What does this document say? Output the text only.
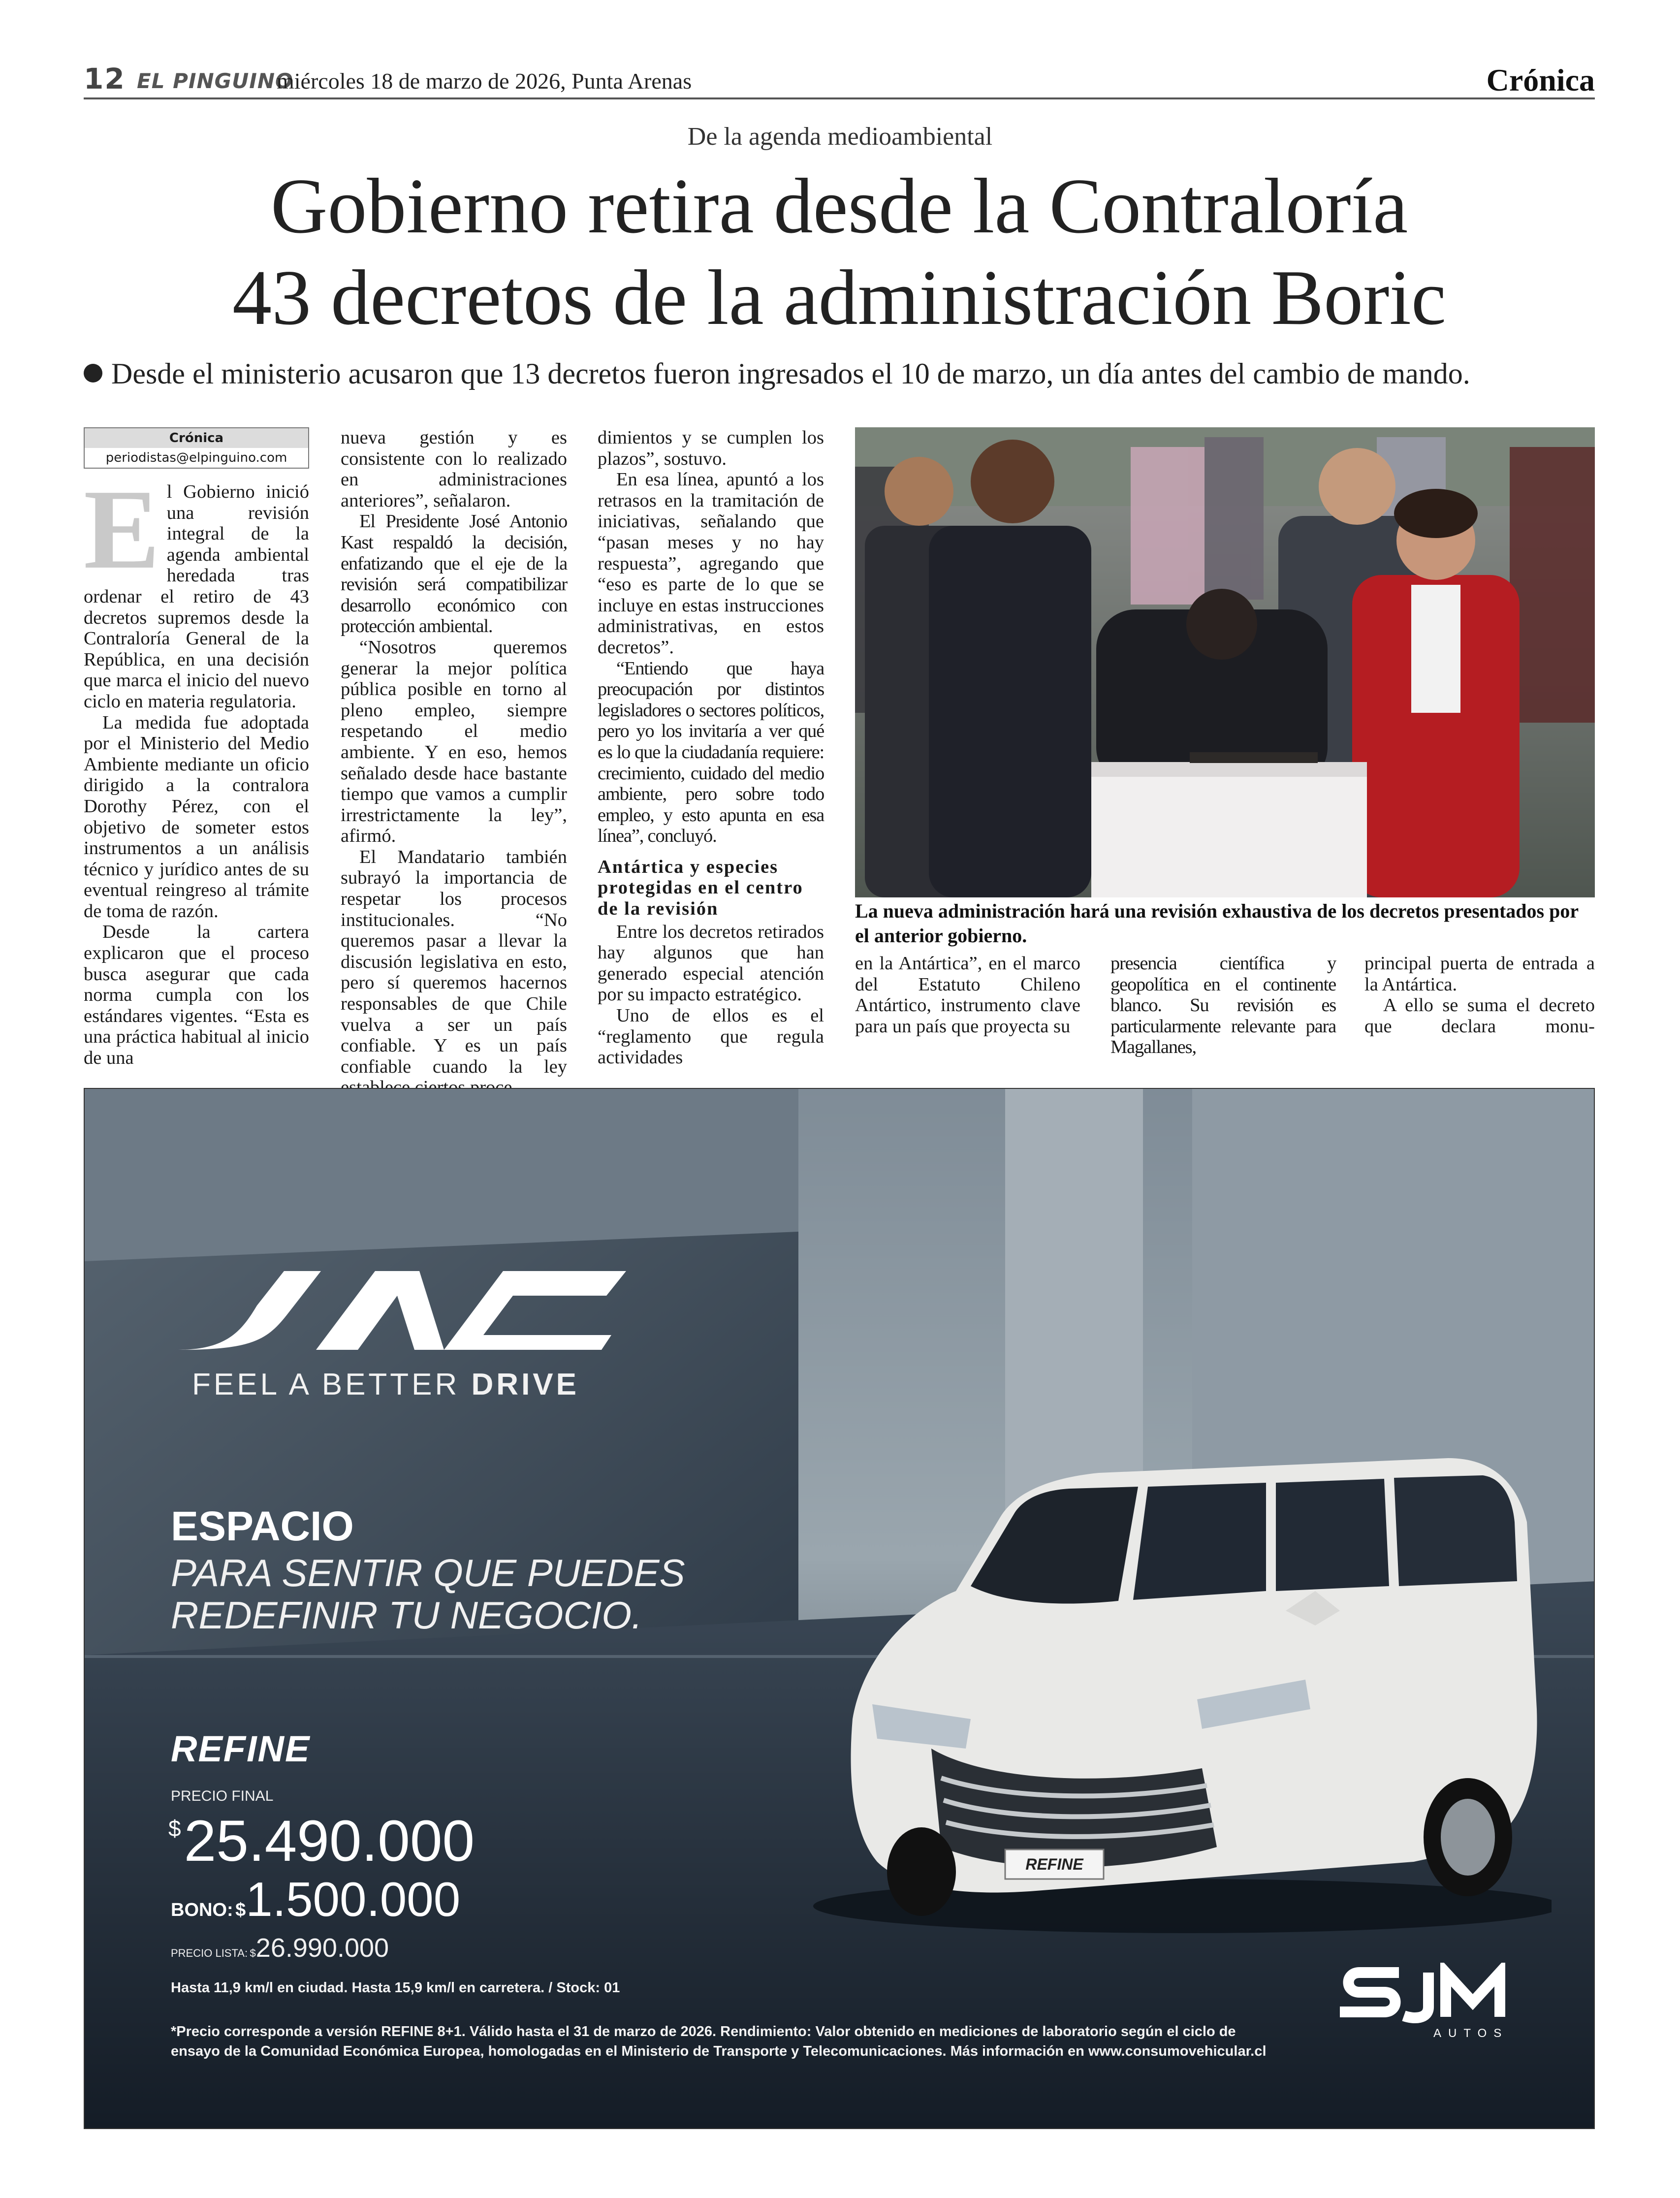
12 EL PINGUINO
miércoles 18 de marzo de 2026, Punta Arenas	Crónica
De la agenda medioambiental
Gobierno retira desde la Contraloría
43 decretos de la administración Boric
Desde el ministerio acusaron que 13 decretos fueron ingresados el 10 de marzo, un día antes del cambio de mando.
Crónica
periodistas@elpinguino.com

El Gobierno inició una revisión integral de la agenda ambiental heredada tras ordenar el retiro de 43 decretos supremos desde la Contraloría General de la República, en una decisión que marca el inicio del nuevo ciclo en materia regulatoria.

La medida fue adoptada por el Ministerio del Medio Ambiente mediante un oficio dirigido a la contralora Dorothy Pérez, con el objetivo de someter estos instrumentos a un análisis técnico y jurídico antes de su eventual reingreso al trámite de toma de razón.

Desde la cartera explicaron que el proceso busca asegurar que cada norma cumpla con los estándares vigentes. “Esta es una práctica habitual al inicio de una

nueva gestión y es consistente con lo realizado en administraciones anteriores”, señalaron.

El Presidente José Antonio Kast respaldó la decisión, enfatizando que el eje de la revisión será compatibilizar desarrollo económico con protección ambiental.

“Nosotros queremos generar la mejor política pública posible en torno al pleno empleo, siempre respetando el medio ambiente. Y en eso, hemos señalado desde hace bastante tiempo que vamos a cumplir irrestrictamente la ley”, afirmó.

El Mandatario también subrayó la importancia de respetar los procesos institucionales. “No queremos pasar a llevar la discusión legislativa en esto, pero sí queremos hacernos responsables de que Chile vuelva a ser un país confiable. Y es un país confiable cuando la ley

dimientos y se cumplen los plazos”, sostuvo.

En esa línea, apuntó a los retrasos en la tramitación de iniciativas, señalando que “pasan meses y no hay respuesta”, agregando que “eso es parte de lo que se incluye en estas instrucciones administrativas, en estos decretos”.

“Entiendo que haya preocupación por distintos legisladores o sectores políticos, pero yo los invitaría a ver qué es lo que la ciudadanía requiere: crecimiento, cuidado del medio ambiente, pero sobre todo empleo, y esto apunta en esa línea”, concluyó.

Antártica y especies protegidas en el centro de la revisión

Entre los decretos retirados hay algunos que han generado especial atención por su impacto estratégico.

Uno de ellos es el “reglamento que regula actividades

La nueva administración hará una revisión exhaustiva de los decretos presentados por el anterior gobierno.

en la Antártica”, en el marco del Estatuto Chileno Antártico, instrumento clave para un país que proyecta su

presencia científica y geopolítica en el continente blanco. Su revisión es particularmente relevante para Magallanes,

principal puerta de entrada a la Antártica.

A ello se suma el decreto que declara monu-

El Mandatario también subrayó la importancia de respetar los procesos institucionales. “No queremos pasar a llevar la discusión legislativa en esto, pero sí queremos hacernos responsables de que Chile vuelva a ser un país confiable. Y es un país confiable cuando la ley establece ciertos procedimientos y se cumplen los plazos”, sostuvo. Uno de ellos es el “reglamento que regula actividades en la Antártica”, en el marco del Estatuto Chileno Antártico, instrumento clave para un país que proyecta su presencia científica y geopolítica en el continente blanco. Su revisión es particularmente relevante para Magallanes, principal puerta de entrada a la Antártica.
FEEL A BETTER DRIVE
ESPACIO
PARA SENTIR QUE PUEDES
REDEFINIR TU NEGOCIO.
REFINE
PRECIO FINAL
$25.490.000
BONO: $1.500.000
PRECIO LISTA: $26.990.000
Hasta 11,9 km/l en ciudad. Hasta 15,9 km/l en carretera. / Stock: 01
*Precio corresponde a versión REFINE 8+1. Válido hasta el 31 de marzo de 2026. Rendimiento: Valor obtenido en mediciones de laboratorio según el ciclo de ensayo de la Comunidad Económica Europea, homologadas en el Ministerio de Transporte y Telecomunicaciones. Más información en www.consumovehicular.cl
REFINE
AUTOS
